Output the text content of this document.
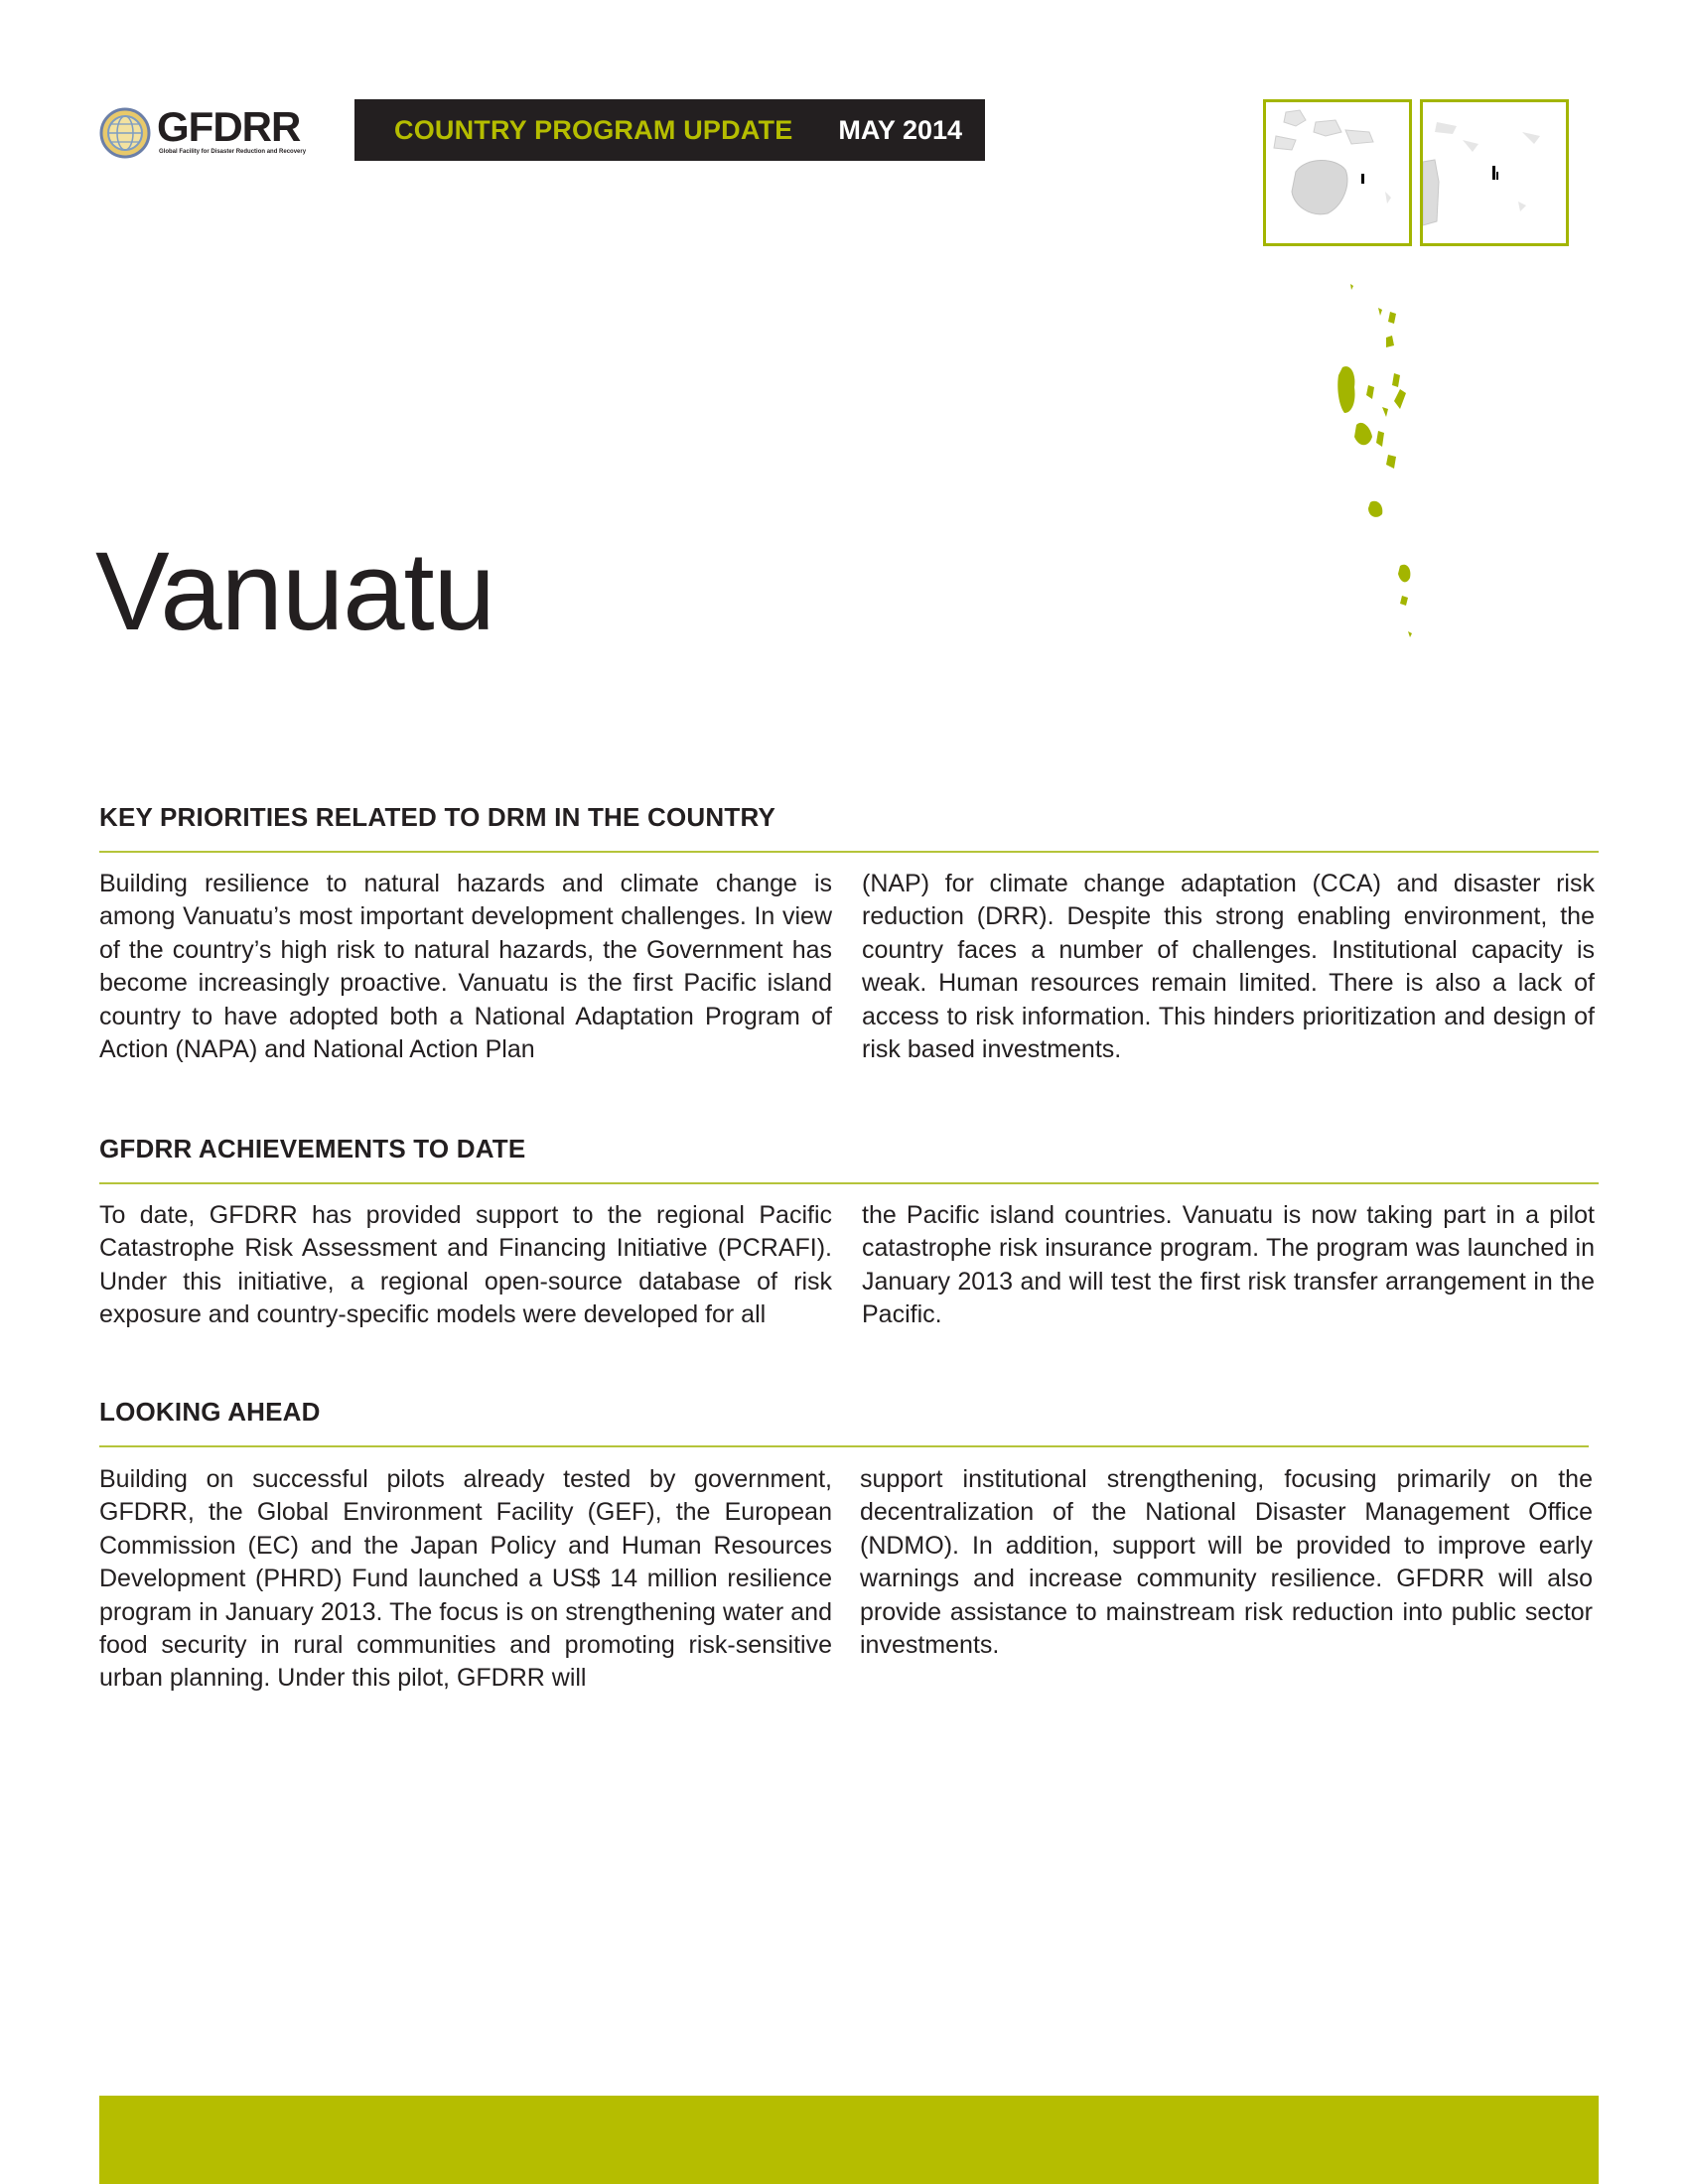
GFDRR
Global Facility for Disaster Reduction and Recovery
COUNTRY PROGRAM UPDATE MAY 2014
Vanuatu
KEY PRIORITIES RELATED TO DRM IN THE COUNTRY

Building resilience to natural hazards and climate change is among Vanuatu’s most important development challenges. In view of the country’s high risk to natural hazards, the Government has become increasingly proactive. Vanuatu is the first Pacific island country to have adopted both a National Adaptation Program of Action (NAPA) and National Action Plan

(NAP) for climate change adaptation (CCA) and disaster risk reduction (DRR). Despite this strong enabling environment, the country faces a number of challenges. Institutional capacity is weak. Human resources remain limited. There is also a lack of access to risk information. This hinders prioritization and design of risk based investments.

GFDRR ACHIEVEMENTS TO DATE

To date, GFDRR has provided support to the regional Pacific Catastrophe Risk Assessment and Financing Initiative (PCRAFI). Under this initiative, a regional open-source database of risk exposure and country-specific models were developed for all

the Pacific island countries. Vanuatu is now taking part in a pilot catastrophe risk insurance program. The program was launched in January 2013 and will test the first risk transfer arrangement in the Pacific.

LOOKING AHEAD

Building on successful pilots already tested by government, GFDRR, the Global Environment Facility (GEF), the European Commission (EC) and the Japan Policy and Human Resources Development (PHRD) Fund launched a US$ 14 million resilience program in January 2013. The focus is on strengthening water and food security in rural communities and promoting risk-sensitive urban planning. Under this pilot, GFDRR will

support institutional strengthening, focusing primarily on the decentralization of the National Disaster Management Office (NDMO). In addition, support will be provided to improve early warnings and increase community resilience. GFDRR will also provide assistance to mainstream risk reduction into public sector investments.
